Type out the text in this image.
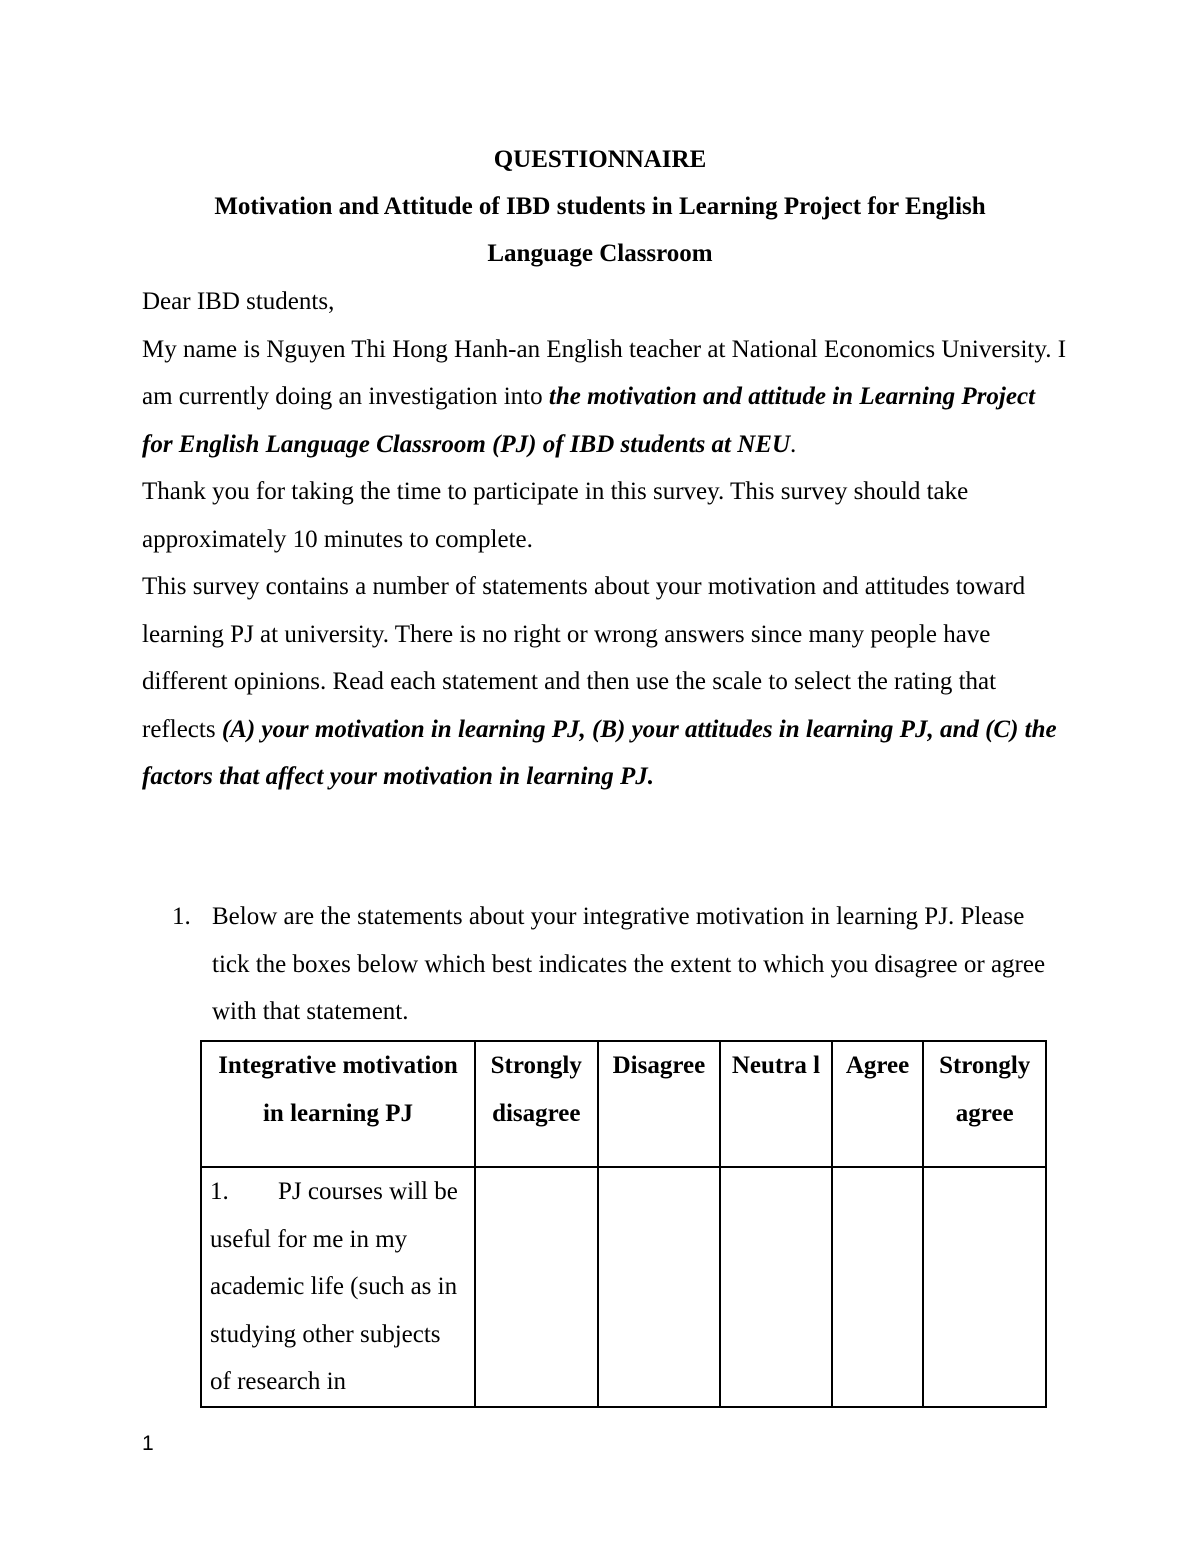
QUESTIONNAIRE
Motivation and Attitude of IBD students in Learning Project for English
Language Classroom
Dear IBD students,
My name is Nguyen Thi Hong Hanh-an English teacher at National Economics University. I am currently doing an investigation into the motivation and attitude in Learning Project for English Language Classroom (PJ) of IBD students at NEU.
Thank you for taking the time to participate in this survey. This survey should take approximately 10 minutes to complete.
This survey contains a number of statements about your motivation and attitudes toward learning PJ at university. There is no right or wrong answers since many people have different opinions. Read each statement and then use the scale to select the rating that reflects (A) your motivation in learning PJ, (B) your attitudes in learning PJ, and (C) the factors that affect your motivation in learning PJ.
1. Below are the statements about your integrative motivation in learning PJ. Please tick the boxes below which best indicates the extent to which you disagree or agree with that statement.
Integrative motivation in learning PJ	Strongly disagree	Disagree	Neutra l	Agree	Strongly agree
1. PJ courses will be useful for me in my academic life (such as in studying other subjects of research in					
1
